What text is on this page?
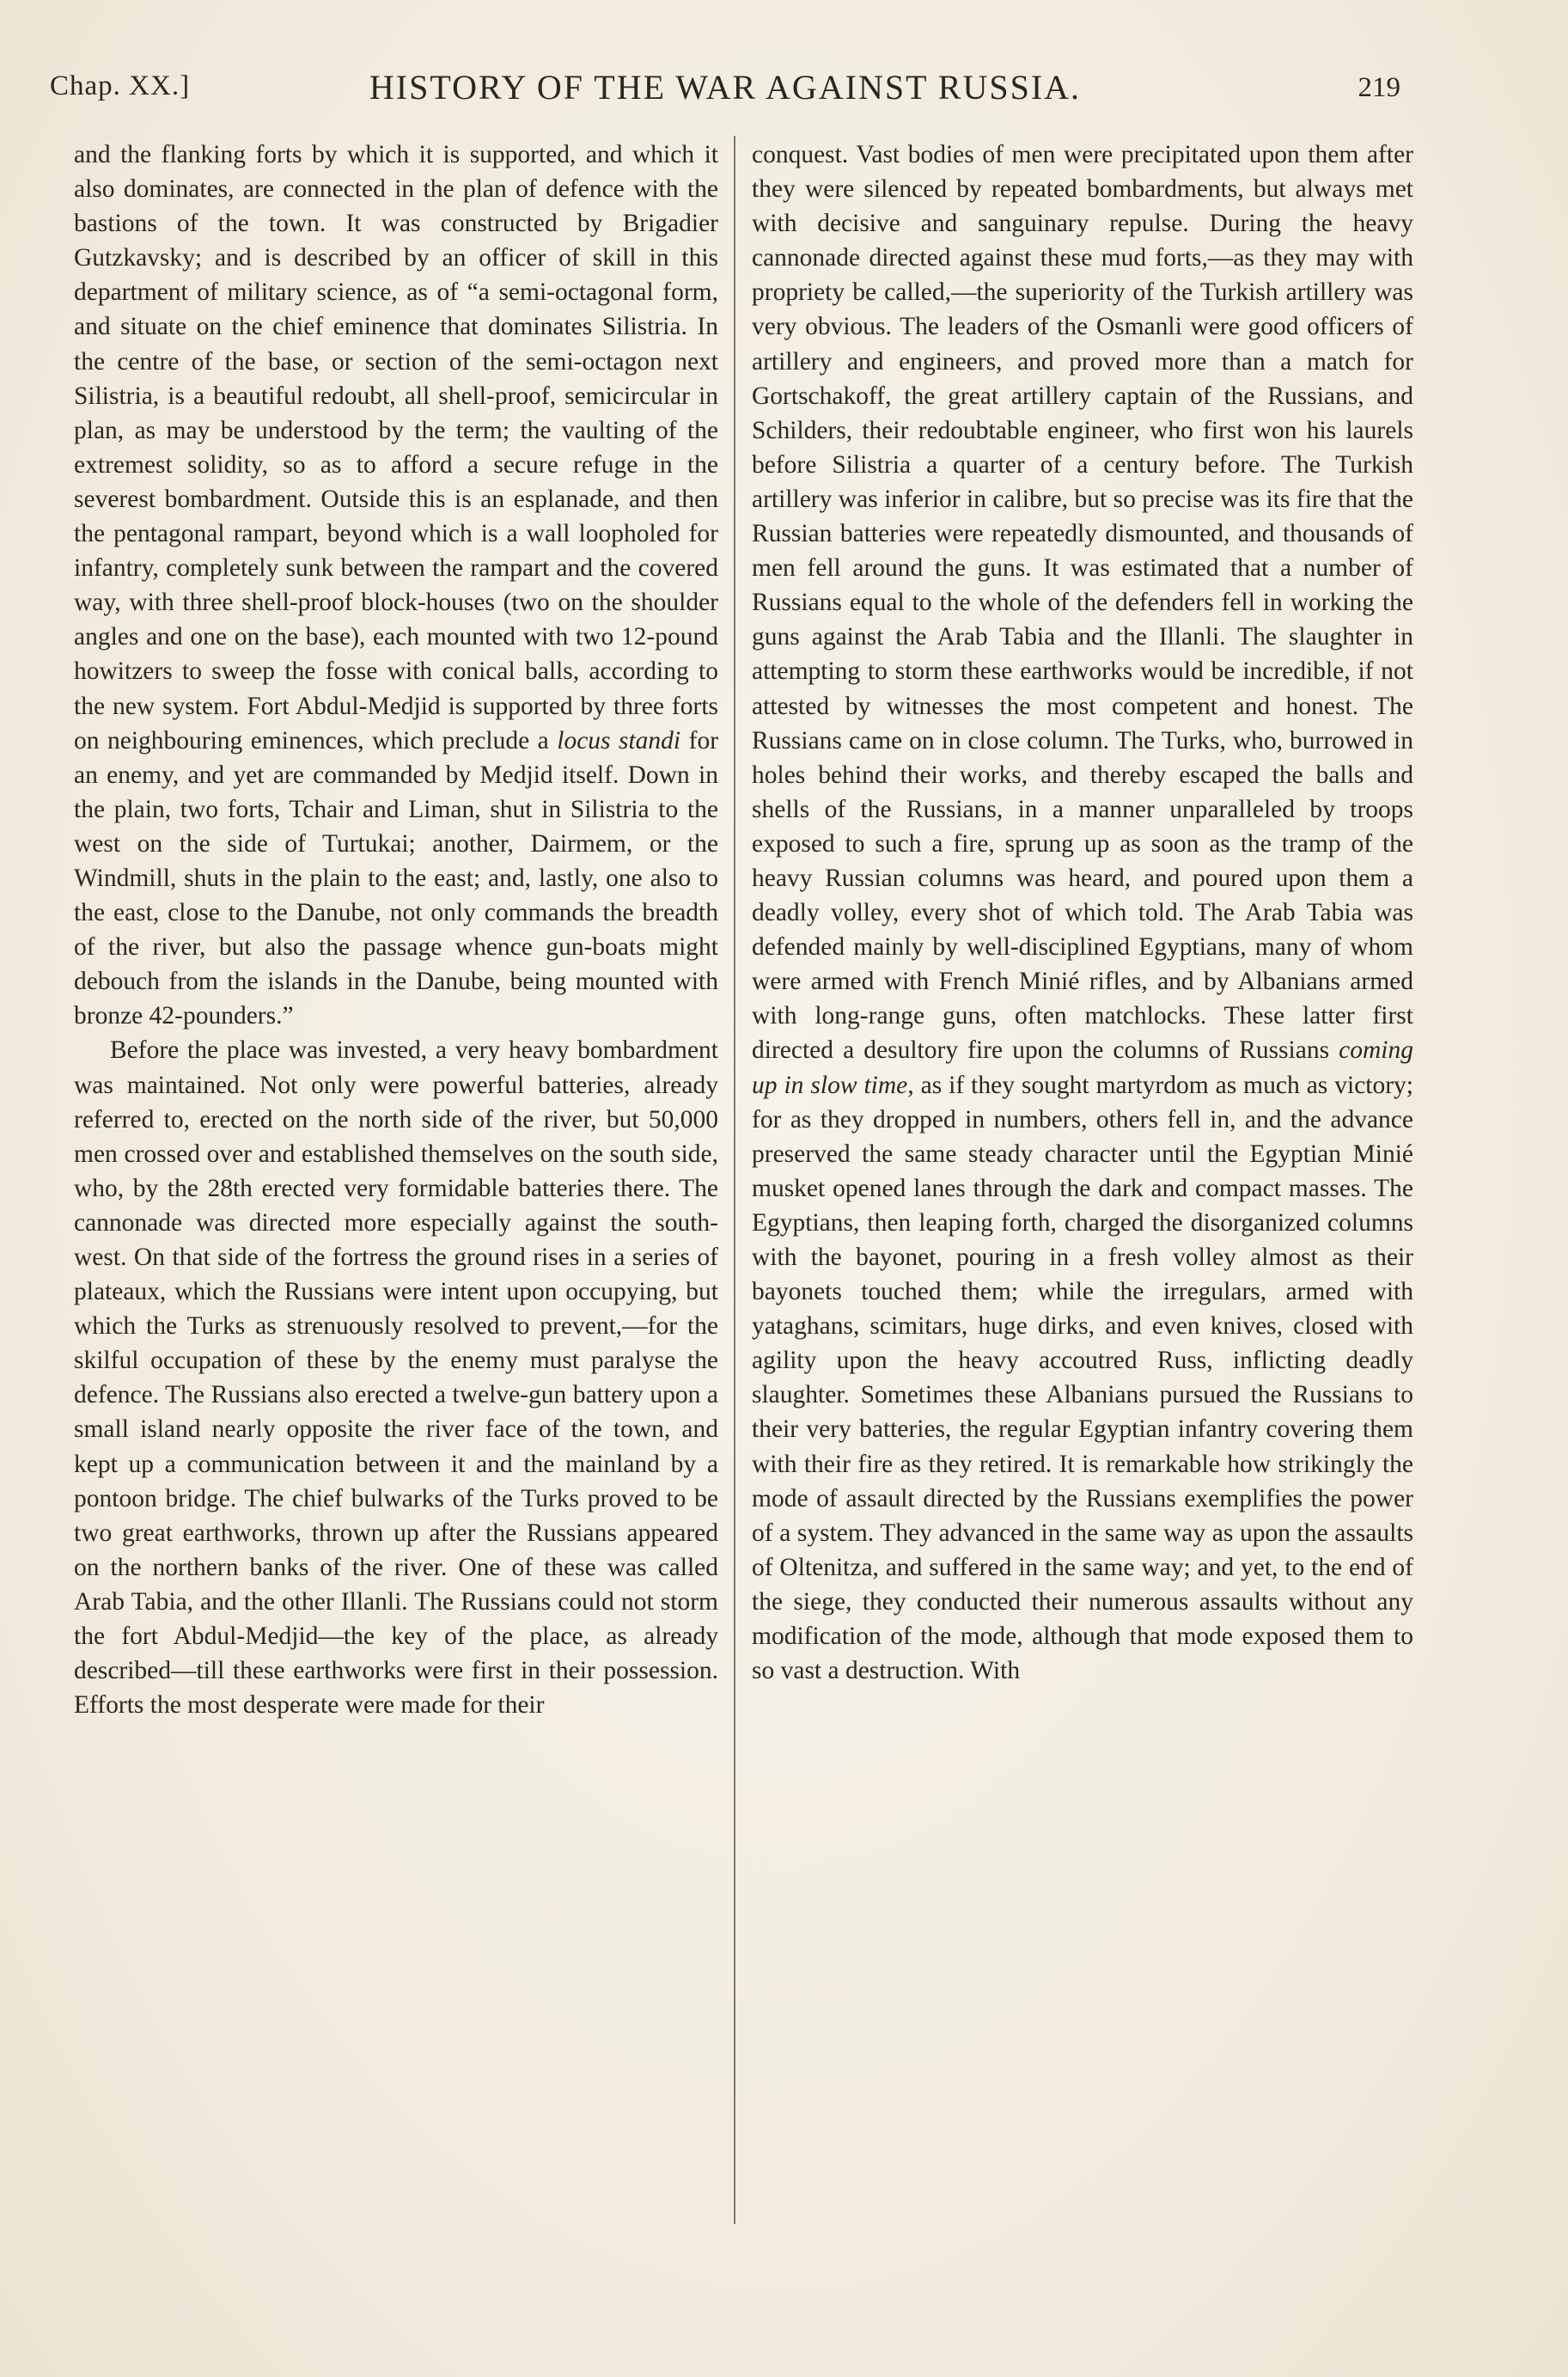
Chap. XX.]	HISTORY OF THE WAR AGAINST RUSSIA.	219

and the flanking forts by which it is supported, and which it also dominates, are connected in the plan of defence with the bastions of the town. It was constructed by Brigadier Gutzkavsky; and is described by an officer of skill in this department of military science, as of “a semi-octagonal form, and situate on the chief eminence that dominates Silistria. In the centre of the base, or section of the semi-octagon next Silistria, is a beautiful redoubt, all shell-proof, semicircular in plan, as may be understood by the term; the vaulting of the extremest solidity, so as to afford a secure refuge in the severest bombardment. Outside this is an esplanade, and then the pentagonal rampart, beyond which is a wall loopholed for infantry, completely sunk between the rampart and the covered way, with three shell-proof block-houses (two on the shoulder angles and one on the base), each mounted with two 12-pound howitzers to sweep the fosse with conical balls, according to the new system. Fort Abdul-Medjid is supported by three forts on neighbouring eminences, which preclude a locus standi for an enemy, and yet are commanded by Medjid itself. Down in the plain, two forts, Tchair and Liman, shut in Silistria to the west on the side of Turtukai; another, Dairmem, or the Windmill, shuts in the plain to the east; and, lastly, one also to the east, close to the Danube, not only commands the breadth of the river, but also the passage whence gun-boats might debouch from the islands in the Danube, being mounted with bronze 42-pounders.”

Before the place was invested, a very heavy bombardment was maintained. Not only were powerful batteries, already referred to, erected on the north side of the river, but 50,000 men crossed over and established themselves on the south side, who, by the 28th erected very formidable batteries there. The cannonade was directed more especially against the south-west. On that side of the fortress the ground rises in a series of plateaux, which the Russians were intent upon occupying, but which the Turks as strenuously resolved to prevent,—for the skilful occupation of these by the enemy must paralyse the defence. The Russians also erected a twelve-gun battery upon a small island nearly opposite the river face of the town, and kept up a communication between it and the mainland by a pontoon bridge. The chief bulwarks of the Turks proved to be two great earthworks, thrown up after the Russians appeared on the northern banks of the river. One of these was called Arab Tabia, and the other Illanli. The Russians could not storm the fort Abdul-Medjid—the key of the place, as already described—till these earthworks were first in their possession. Efforts the most desperate were made for their

conquest. Vast bodies of men were precipitated upon them after they were silenced by repeated bombardments, but always met with decisive and sanguinary repulse. During the heavy cannonade directed against these mud forts,—as they may with propriety be called,—the superiority of the Turkish artillery was very obvious. The leaders of the Osmanli were good officers of artillery and engineers, and proved more than a match for Gortschakoff, the great artillery captain of the Russians, and Schilders, their redoubtable engineer, who first won his laurels before Silistria a quarter of a century before. The Turkish artillery was inferior in calibre, but so precise was its fire that the Russian batteries were repeatedly dismounted, and thousands of men fell around the guns. It was estimated that a number of Russians equal to the whole of the defenders fell in working the guns against the Arab Tabia and the Illanli. The slaughter in attempting to storm these earthworks would be incredible, if not attested by witnesses the most competent and honest. The Russians came on in close column. The Turks, who, burrowed in holes behind their works, and thereby escaped the balls and shells of the Russians, in a manner unparalleled by troops exposed to such a fire, sprung up as soon as the tramp of the heavy Russian columns was heard, and poured upon them a deadly volley, every shot of which told. The Arab Tabia was defended mainly by well-disciplined Egyptians, many of whom were armed with French Minié rifles, and by Albanians armed with long-range guns, often matchlocks. These latter first directed a desultory fire upon the columns of Russians coming up in slow time, as if they sought martyrdom as much as victory; for as they dropped in numbers, others fell in, and the advance preserved the same steady character until the Egyptian Minié musket opened lanes through the dark and compact masses. The Egyptians, then leaping forth, charged the disorganized columns with the bayonet, pouring in a fresh volley almost as their bayonets touched them; while the irregulars, armed with yataghans, scimitars, huge dirks, and even knives, closed with agility upon the heavy accoutred Russ, inflicting deadly slaughter. Sometimes these Albanians pursued the Russians to their very batteries, the regular Egyptian infantry covering them with their fire as they retired. It is remarkable how strikingly the mode of assault directed by the Russians exemplifies the power of a system. They advanced in the same way as upon the assaults of Oltenitza, and suffered in the same way; and yet, to the end of the siege, they conducted their numerous assaults without any modification of the mode, although that mode exposed them to so vast a destruction. With
